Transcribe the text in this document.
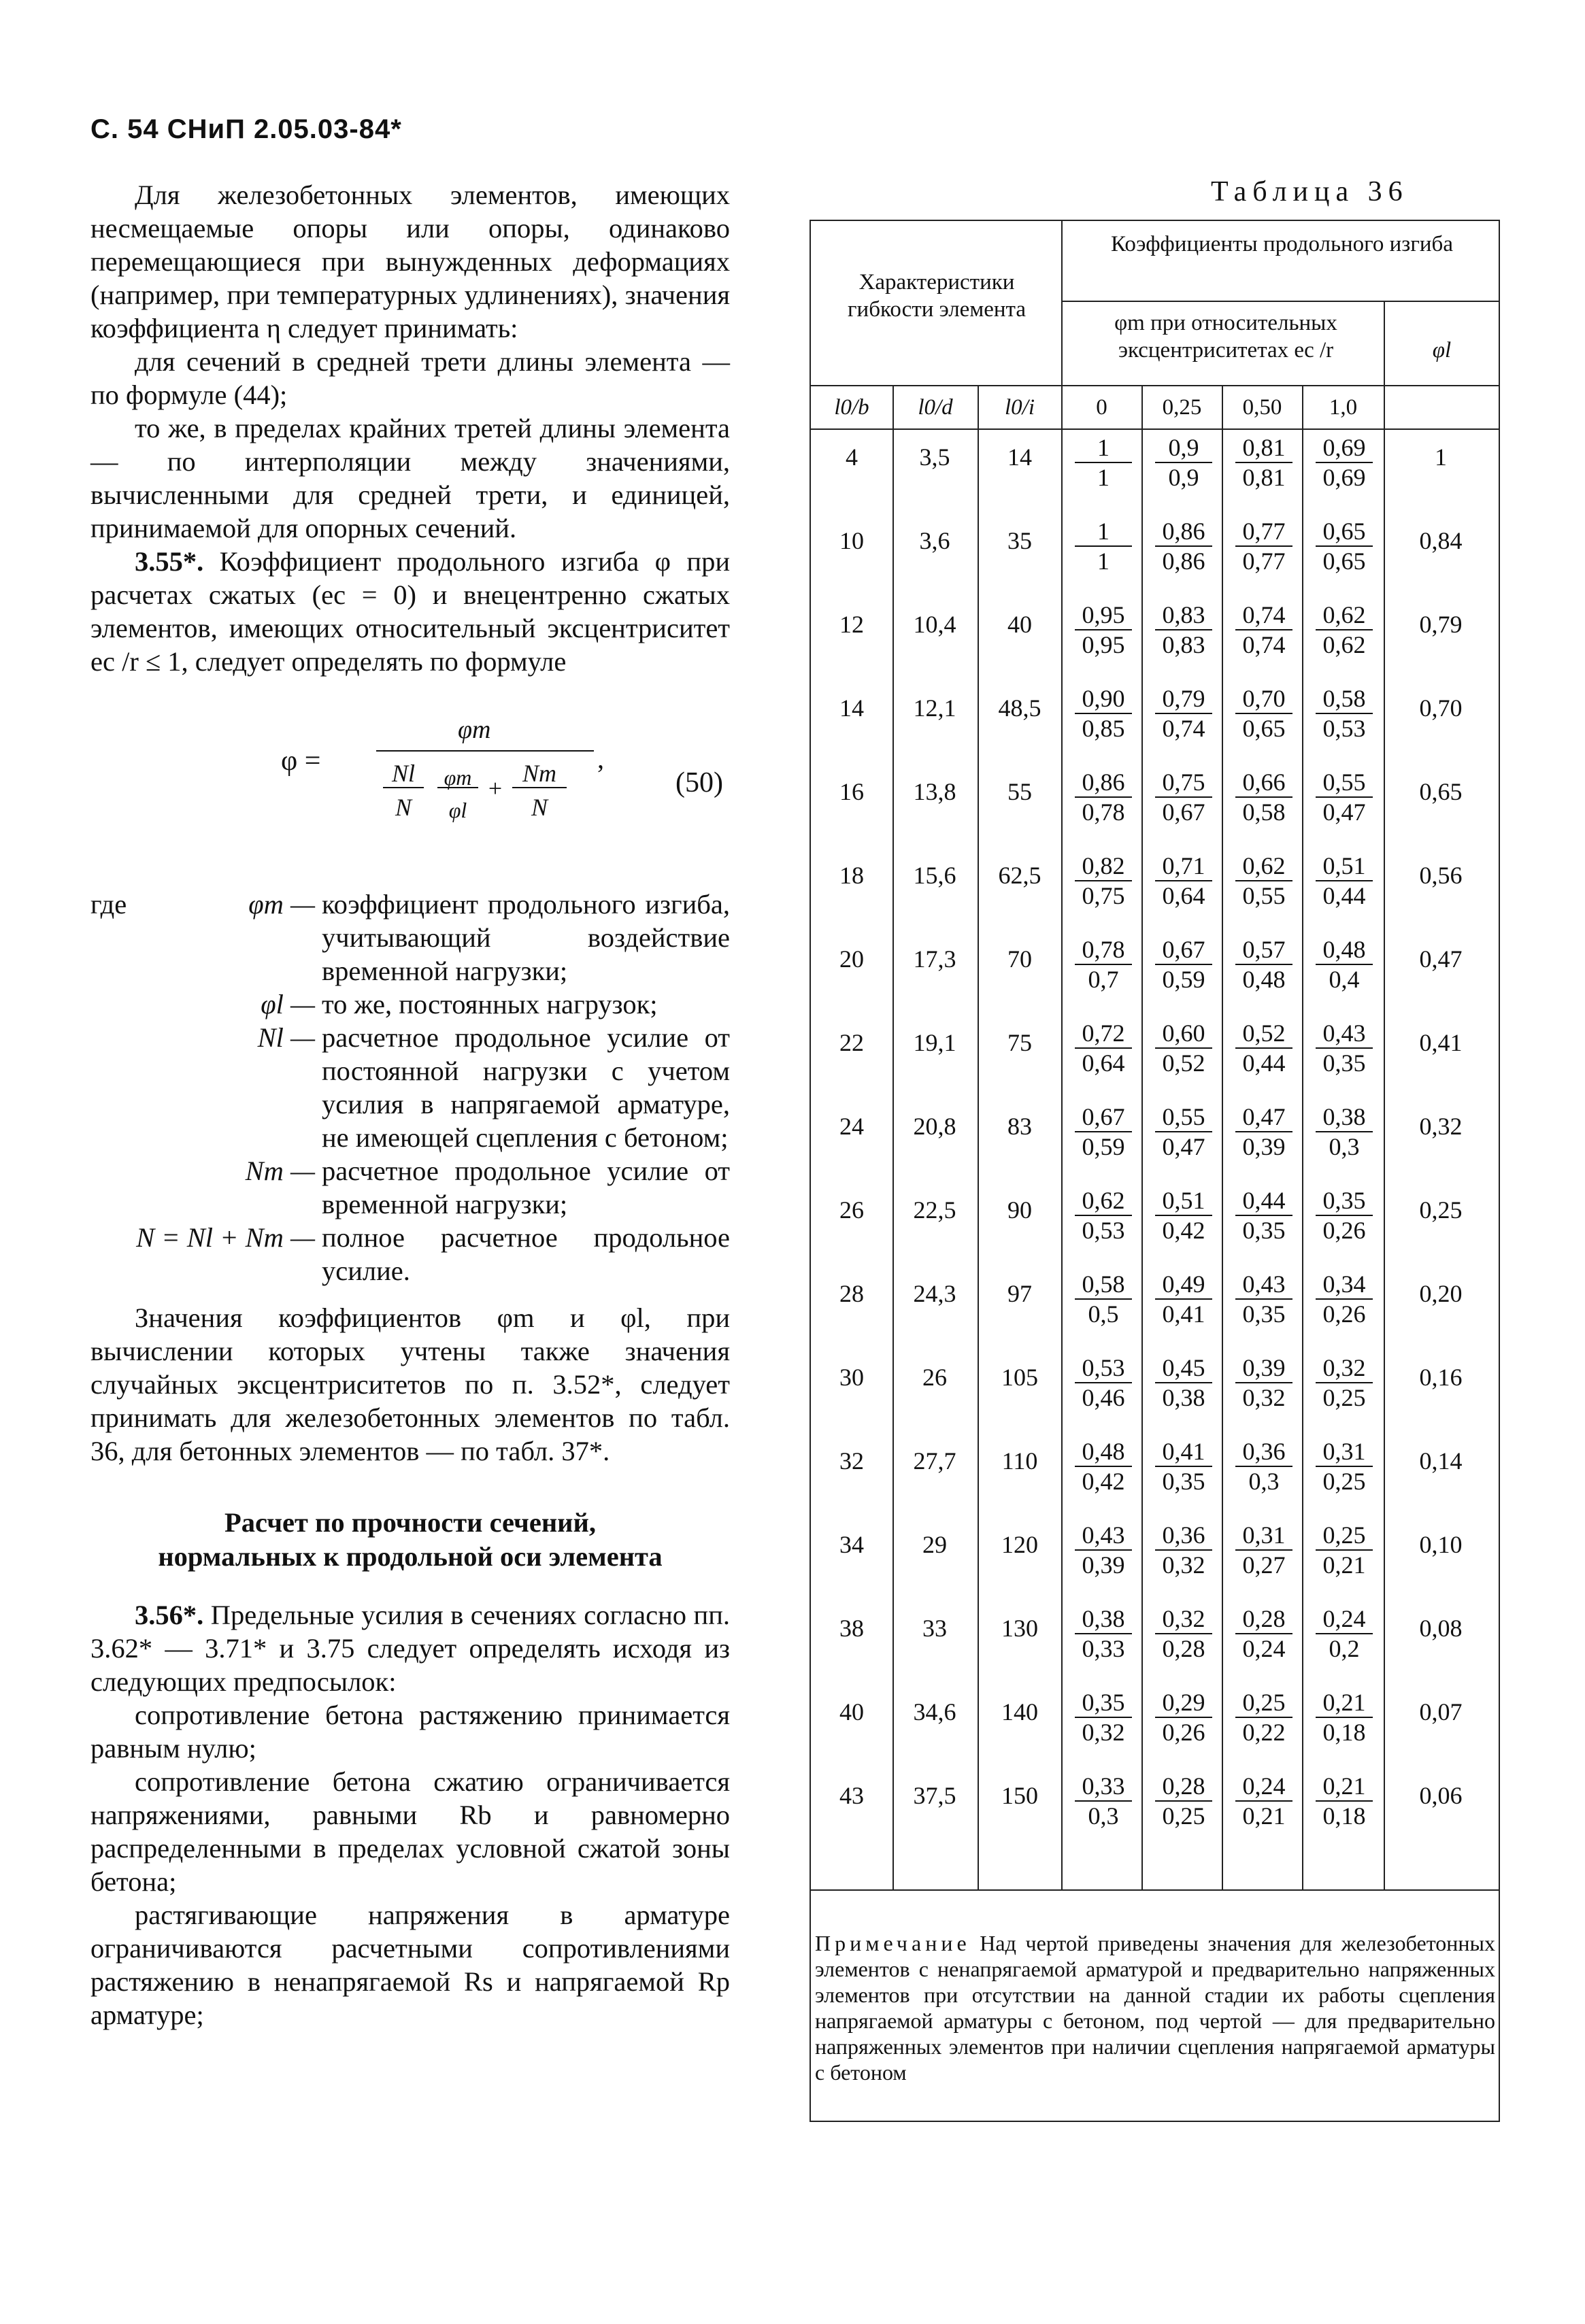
С. 54 СНиП 2.05.03-84*

Для железобетонных элементов, имеющих несмещаемые опоры или опоры, одинаково перемещающиеся при вынужденных деформациях (например, при температурных удлинениях), значения коэффициента η следует принимать:

для сечений в средней трети длины элемента — по формуле (44);

то же, в пределах крайних третей длины элемента — по интерполяции между значениями, вычисленными для средней трети, и единицей, принимаемой для опорных сечений.

3.55*. Коэффициент продольного изгиба φ при расчетах сжатых (eс = 0) и внецентренно сжатых элементов, имеющих относительный эксцентриситет eс /r ≤ 1, следует определять по формуле

φ =
φm
,
Nl
N
φm
φl
+
Nm
N
(50)
где	φm — коэффициент продольного изгиба, учитывающий воздействие временной нагрузки;
φl — то же, постоянных нагрузок;
Nl — расчетное продольное усилие от постоянной нагрузки с учетом усилия в напрягаемой арматуре, не имеющей сцепления с бетоном;
Nm — расчетное продольное усилие от временной нагрузки;
N = Nl + Nm — полное расчетное продольное усилие.

Значения коэффициентов φm и φl, при вычислении которых учтены также значения случайных эксцентриситетов по п. 3.52*, следует принимать для железобетонных элементов по табл. 36, для бетонных элементов — по табл. 37*.

Расчет по прочности сечений,
нормальных к продольной оси элемента

3.56*. Предельные усилия в сечениях согласно пп. 3.62* — 3.71* и 3.75 следует определять исходя из следующих предпосылок:

сопротивление бетона растяжению принимается равным нулю;

сопротивление бетона сжатию ограничивается напряжениями, равными Rb и равномерно распределенными в пределах условной сжатой зоны бетона;

растягивающие напряжения в арматуре ограничиваются расчетными сопротивлениями растяжению в ненапрягаемой Rs и напрягаемой Rp арматуре;

Таблица 36
Характеристики гибкости элемента
Коэффициенты продольного изгиба
φm при относительных эксцентриситетах ec /r	φl
l0/b	l0/d	l0/i	0	0,25	0,50	1,0
4	3,5	14	$\frac{1}{1} \frac{0,9}{0,9} \frac{0,81}{0,81} \frac{0,69}{0,69}$	1
10	3,6	35	$\frac{1}{1} \frac{0,86}{0,86} \frac{0,77}{0,77} \frac{0,65}{0,65}$	0,84
12	10,4	40	$\frac{0,95}{0,95} \frac{0,83}{0,83} \frac{0,74}{0,74} \frac{0,62}{0,62}$	0,79
14	12,1	48,5	$\frac{0,90}{0,85} \frac{0,79}{0,74} \frac{0,70}{0,65} \frac{0,58}{0,53}$	0,70
16	13,8	55	$\frac{0,86}{0,78} \frac{0,75}{0,67} \frac{0,66}{0,58} \frac{0,55}{0,47}$	0,65
18	15,6	62,5	$\frac{0,82}{0,75} \frac{0,71}{0,64} \frac{0,62}{0,55} \frac{0,51}{0,44}$	0,56
20	17,3	70	$\frac{0,78}{0,7} \frac{0,67}{0,59} \frac{0,57}{0,48} \frac{0,48}{0,4}$	0,47
22	19,1	75	$\frac{0,72}{0,64} \frac{0,60}{0,52} \frac{0,52}{0,44} \frac{0,43}{0,35}$	0,41
24	20,8	83	$\frac{0,67}{0,59} \frac{0,55}{0,47} \frac{0,47}{0,39} \frac{0,38}{0,3}$	0,32
26	22,5	90	$\frac{0,62}{0,53} \frac{0,51}{0,42} \frac{0,44}{0,35} \frac{0,35}{0,26}$	0,25
28	24,3	97	$\frac{0,58}{0,5} \frac{0,49}{0,41} \frac{0,43}{0,35} \frac{0,34}{0,26}$	0,20
30	26	105	$\frac{0,53}{0,46} \frac{0,45}{0,38} \frac{0,39}{0,32} \frac{0,32}{0,25}$	0,16
32	27,7	110	$\frac{0,48}{0,42} \frac{0,41}{0,35} \frac{0,36}{0,3} \frac{0,31}{0,25}$	0,14
34	29	120	$\frac{0,43}{0,39} \frac{0,36}{0,32} \frac{0,31}{0,27} \frac{0,25}{0,21}$	0,10
38	33	130	$\frac{0,38}{0,33} \frac{0,32}{0,28} \frac{0,28}{0,24} \frac{0,24}{0,2}$	0,08
40	34,6	140	$\frac{0,35}{0,32} \frac{0,29}{0,26} \frac{0,25}{0,22} \frac{0,21}{0,18}$	0,07
43	37,5	150	$\frac{0,33}{0,3} \frac{0,28}{0,25} \frac{0,24}{0,21} \frac{0,21}{0,18}$	0,06
Примечание Над чертой приведены значения для железобетонных элементов с ненапрягаемой арматурой и предварительно напряженных элементов при отсутствии на данной стадии их работы сцепления напрягаемой арматуры с бетоном, под чертой — для предварительно напряженных элементов при наличии сцепления напрягаемой арматуры с бетоном
